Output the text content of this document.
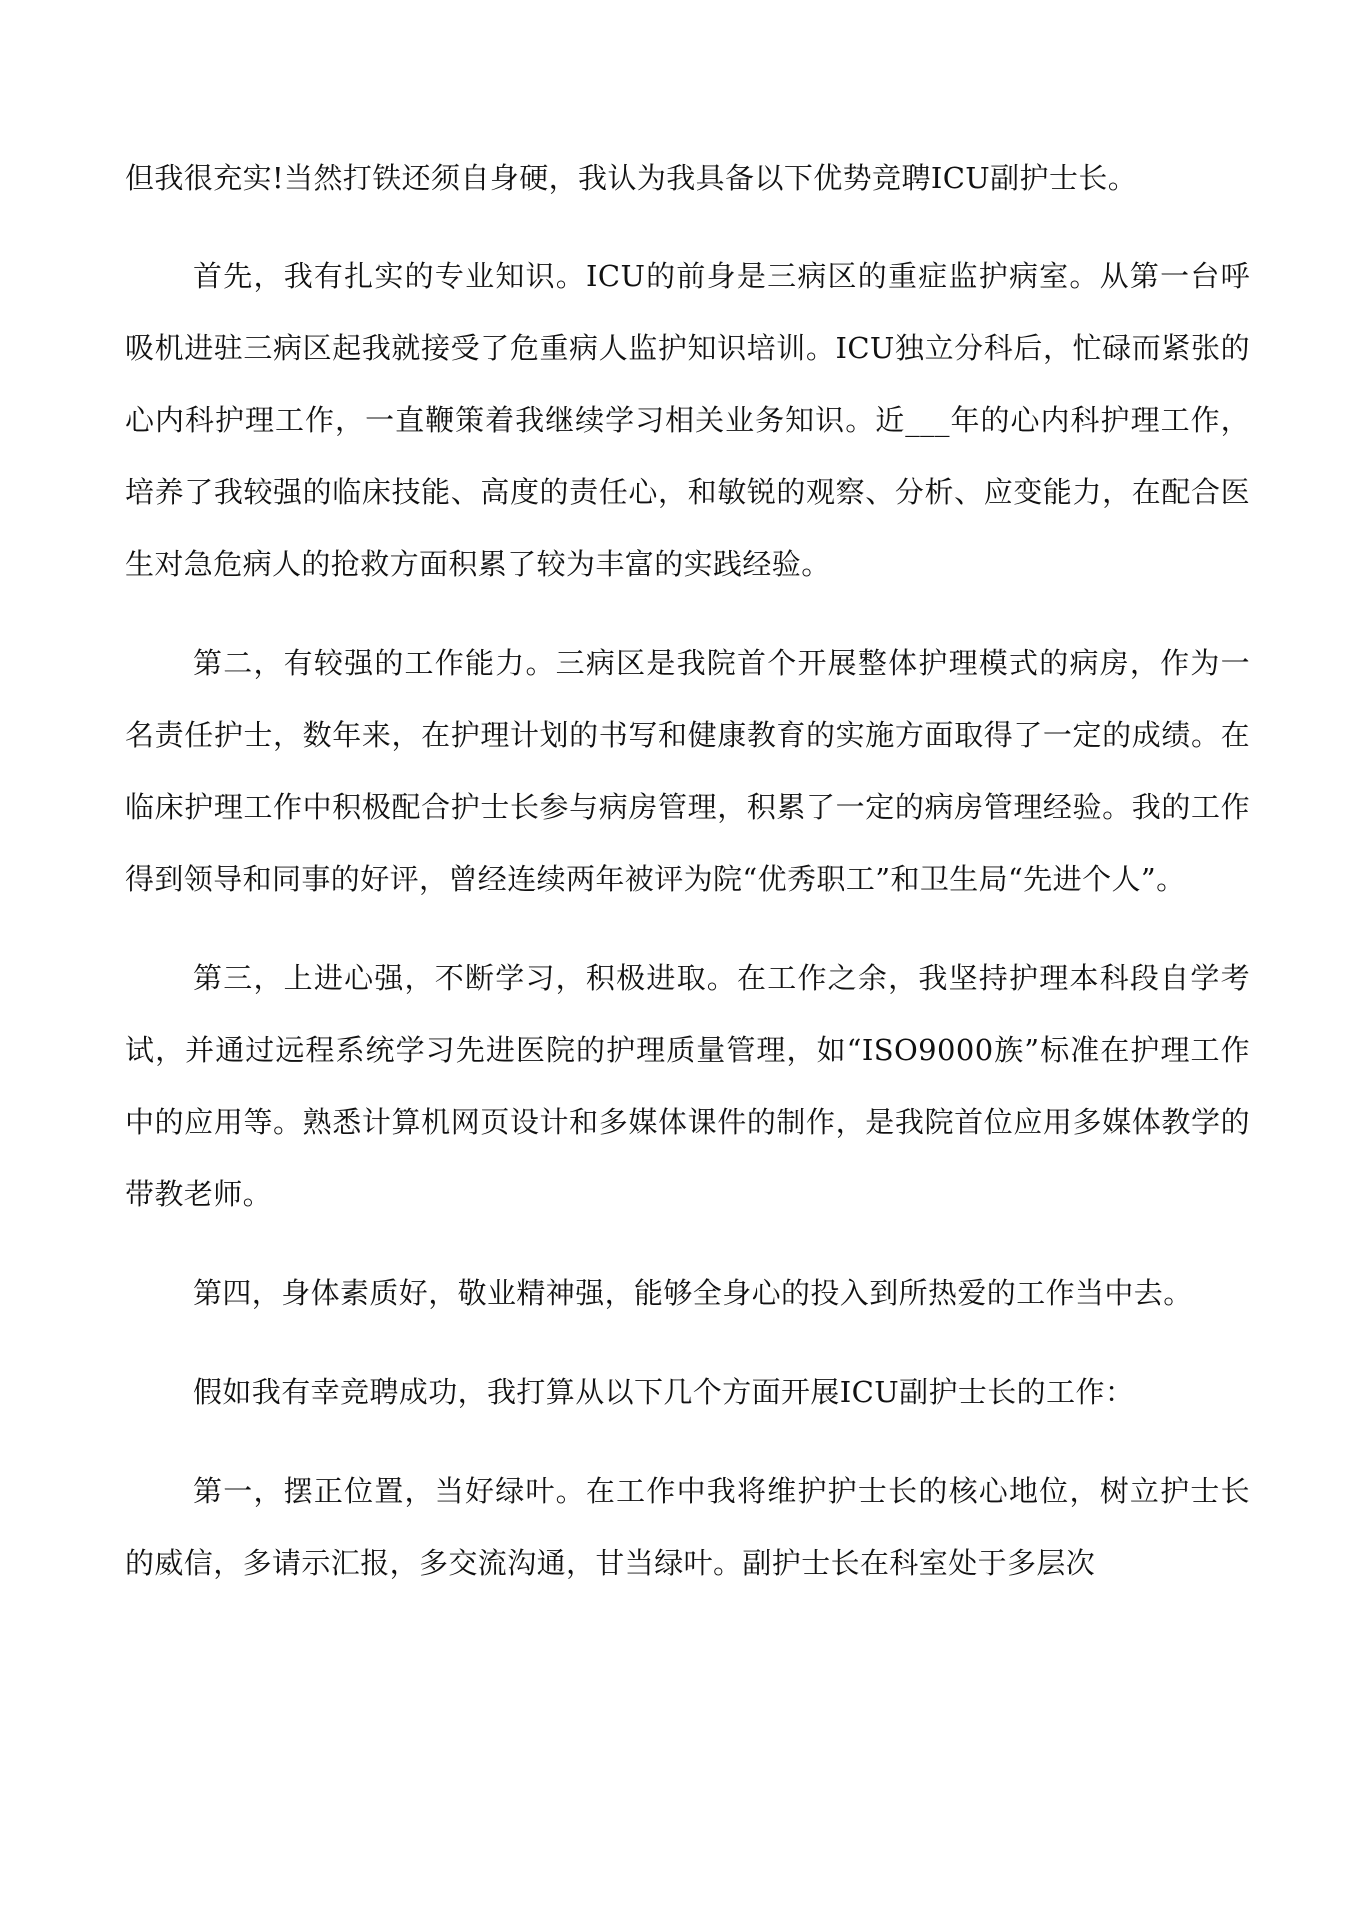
但我很充实!当然打铁还须自身硬，我认为我具备以下优势竞聘ICU副护士长。

首先，我有扎实的专业知识。ICU的前身是三病区的重症监护病室。从第一台呼吸机进驻三病区起我就接受了危重病人监护知识培训。ICU独立分科后，忙碌而紧张的心内科护理工作，一直鞭策着我继续学习相关业务知识。近___年的心内科护理工作，培养了我较强的临床技能、高度的责任心，和敏锐的观察、分析、应变能力，在配合医生对急危病人的抢救方面积累了较为丰富的实践经验。

第二，有较强的工作能力。三病区是我院首个开展整体护理模式的病房，作为一名责任护士，数年来，在护理计划的书写和健康教育的实施方面取得了一定的成绩。在临床护理工作中积极配合护士长参与病房管理，积累了一定的病房管理经验。我的工作得到领导和同事的好评，曾经连续两年被评为院“优秀职工”和卫生局“先进个人”。

第三，上进心强，不断学习，积极进取。在工作之余，我坚持护理本科段自学考试，并通过远程系统学习先进医院的护理质量管理，如“ISO9000族”标准在护理工作中的应用等。熟悉计算机网页设计和多媒体课件的制作，是我院首位应用多媒体教学的带教老师。

第四，身体素质好，敬业精神强，能够全身心的投入到所热爱的工作当中去。

假如我有幸竞聘成功，我打算从以下几个方面开展ICU副护士长的工作：

第一，摆正位置，当好绿叶。在工作中我将维护护士长的核心地位，树立护士长的威信，多请示汇报，多交流沟通，甘当绿叶。副护士长在科室处于多层次
